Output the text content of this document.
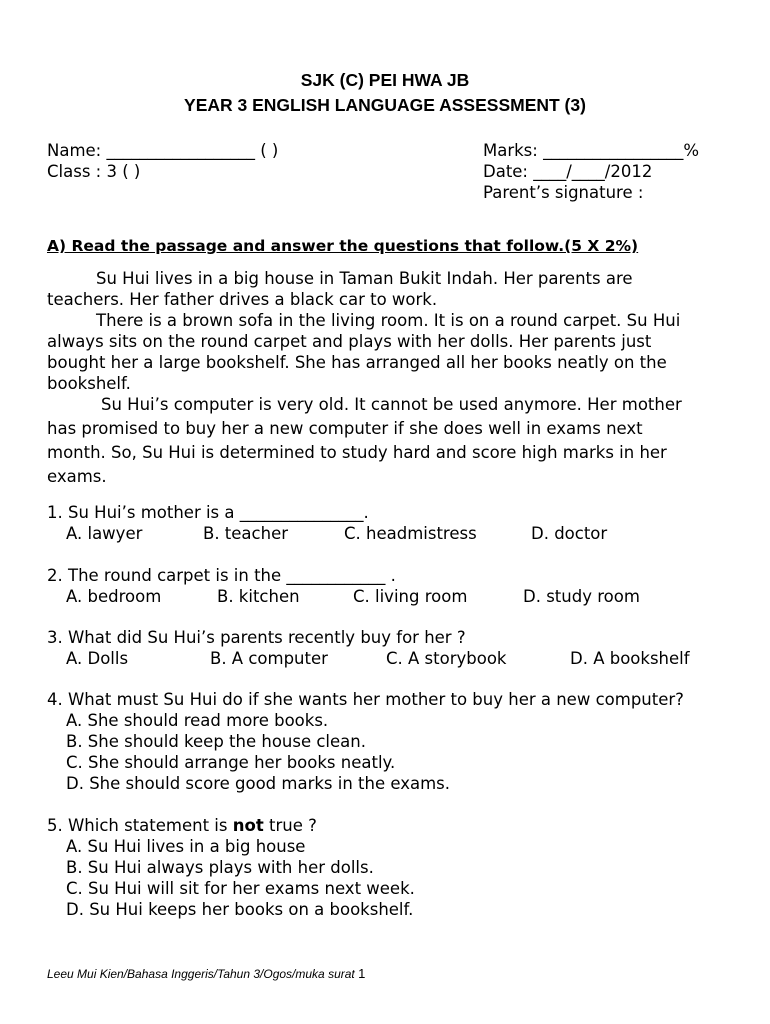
SJK (C) PEI HWA JB
YEAR 3 ENGLISH LANGUAGE ASSESSMENT (3)
Name: __________________ ( )
Class : 3 ( )
Marks: _________________%
Date: ____/____/2012
Parent’s signature :
A) Read the passage and answer the questions that follow.(5 X 2%)
Su Hui lives in a big house in Taman Bukit Indah. Her parents are
teachers. Her father drives a black car to work.
There is a brown sofa in the living room. It is on a round carpet. Su Hui
always sits on the round carpet and plays with her dolls. Her parents just
bought her a large bookshelf. She has arranged all her books neatly on the
bookshelf.
Su Hui’s computer is very old. It cannot be used anymore. Her mother
has promised to buy her a new computer if she does well in exams next
month. So, Su Hui is determined to study hard and score high marks in her
exams.
1. Su Hui’s mother is a _______________.
A. lawyer	B. teacher	C. headmistress	D. doctor
2. The round carpet is in the ____________ .
A. bedroom	B. kitchen	C. living room	D. study room
3. What did Su Hui’s parents recently buy for her ?
A. Dolls	B. A computer	C. A storybook	D. A bookshelf
4. What must Su Hui do if she wants her mother to buy her a new computer?
A. She should read more books.
B. She should keep the house clean.
C. She should arrange her books neatly.
D. She should score good marks in the exams.
5. Which statement is not true ?
A. Su Hui lives in a big house
B. Su Hui always plays with her dolls.
C. Su Hui will sit for her exams next week.
D. Su Hui keeps her books on a bookshelf.
Leeu Mui Kien/Bahasa Inggeris/Tahun 3/Ogos/muka surat 1
